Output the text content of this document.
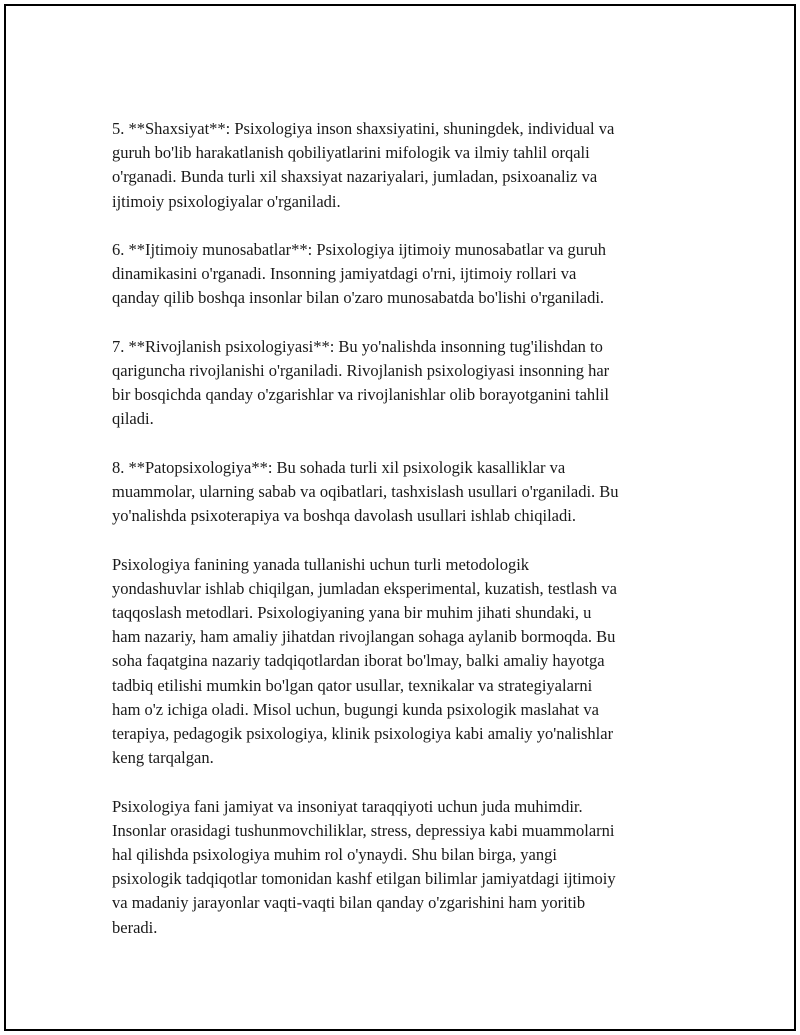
5. **Shaxsiyat**: Psixologiya inson shaxsiyatini, shuningdek, individual va
guruh bo'lib harakatlanish qobiliyatlarini mifologik va ilmiy tahlil orqali
o'rganadi. Bunda turli xil shaxsiyat nazariyalari, jumladan, psixoanaliz va
ijtimoiy psixologiyalar o'rganiladi.

6. **Ijtimoiy munosabatlar**: Psixologiya ijtimoiy munosabatlar va guruh
dinamikasini o'rganadi. Insonning jamiyatdagi o'rni, ijtimoiy rollari va
qanday qilib boshqa insonlar bilan o'zaro munosabatda bo'lishi o'rganiladi.

7. **Rivojlanish psixologiyasi**: Bu yo'nalishda insonning tug'ilishdan to
qariguncha rivojlanishi o'rganiladi. Rivojlanish psixologiyasi insonning har
bir bosqichda qanday o'zgarishlar va rivojlanishlar olib borayotganini tahlil
qiladi.

8. **Patopsixologiya**: Bu sohada turli xil psixologik kasalliklar va
muammolar, ularning sabab va oqibatlari, tashxislash usullari o'rganiladi. Bu
yo'nalishda psixoterapiya va boshqa davolash usullari ishlab chiqiladi.

Psixologiya fanining yanada tullanishi uchun turli metodologik
yondashuvlar ishlab chiqilgan, jumladan eksperimental, kuzatish, testlash va
taqqoslash metodlari. Psixologiyaning yana bir muhim jihati shundaki, u
ham nazariy, ham amaliy jihatdan rivojlangan sohaga aylanib bormoqda. Bu
soha faqatgina nazariy tadqiqotlardan iborat bo'lmay, balki amaliy hayotga
tadbiq etilishi mumkin bo'lgan qator usullar, texnikalar va strategiyalarni
ham o'z ichiga oladi. Misol uchun, bugungi kunda psixologik maslahat va
terapiya, pedagogik psixologiya, klinik psixologiya kabi amaliy yo'nalishlar
keng tarqalgan.

Psixologiya fani jamiyat va insoniyat taraqqiyoti uchun juda muhimdir.
Insonlar orasidagi tushunmovchiliklar, stress, depressiya kabi muammolarni
hal qilishda psixologiya muhim rol o'ynaydi. Shu bilan birga, yangi
psixologik tadqiqotlar tomonidan kashf etilgan bilimlar jamiyatdagi ijtimoiy
va madaniy jarayonlar vaqti-vaqti bilan qanday o'zgarishini ham yoritib
beradi.
